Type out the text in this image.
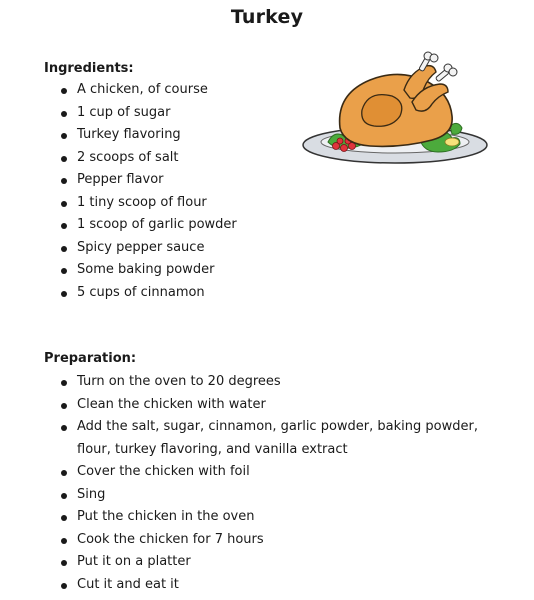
Turkey
Ingredients:
A chicken, of course
1 cup of sugar
Turkey flavoring
2 scoops of salt
Pepper flavor
1 tiny scoop of flour
1 scoop of garlic powder
Spicy pepper sauce
Some baking powder
5 cups of cinnamon
Preparation:
Turn on the oven to 20 degrees
Clean the chicken with water
Add the salt, sugar, cinnamon, garlic powder, baking powder, flour, turkey flavoring, and vanilla extract
Cover the chicken with foil
Sing
Put the chicken in the oven
Cook the chicken for 7 hours
Put it on a platter
Cut it and eat it
